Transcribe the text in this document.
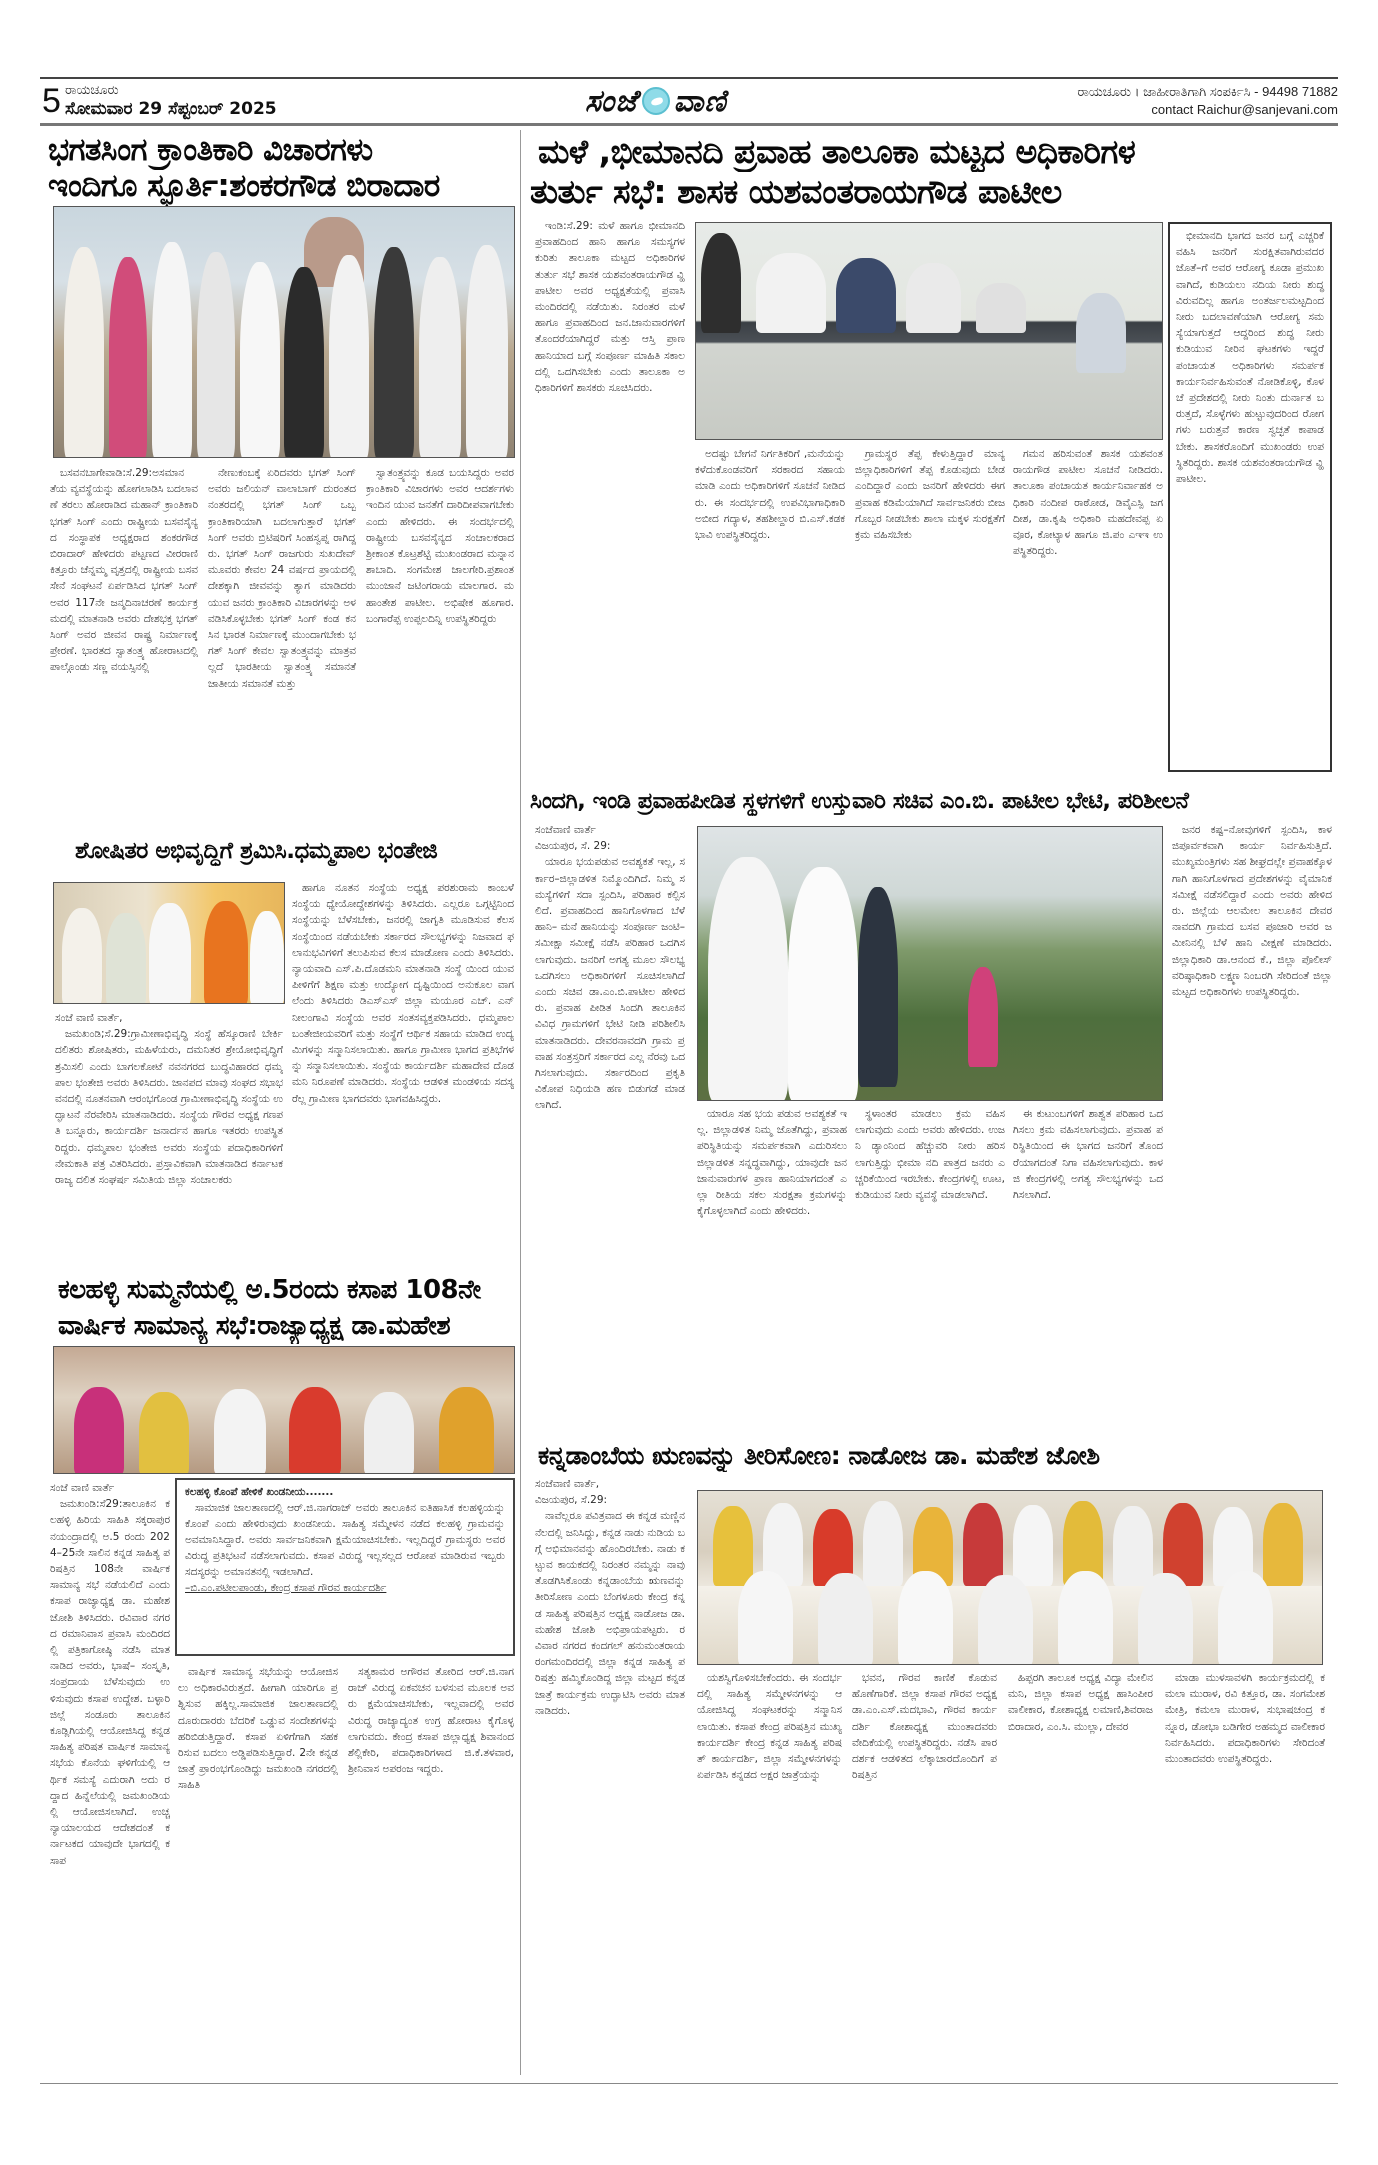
5 ರಾಯಚೂರು
ಸೋಮವಾರ 29 ಸೆಪ್ಟಂಬರ್ 2025	ಸಂಜೆ ವಾಣಿ	ರಾಯಚೂರು । ಜಾಹೀರಾತಿಗಾಗಿ ಸಂಪರ್ಕಿಸಿ - 94498 71882
contact Raichur@sanjevani.com
ಭಗತಸಿಂಗ ಕ್ರಾಂತಿಕಾರಿ ವಿಚಾರಗಳು
ಇಂದಿಗೂ ಸ್ಫೂರ್ತಿ:ಶಂಕರಗೌಡ ಬಿರಾದಾರ

ಬಸವನಬಾಗೇವಾಡಿ:ಸೆ.29:ಅಸಮಾನತೆಯ ವ್ಯವಸ್ಥೆಯನ್ನು ಹೋಗಲಾಡಿಸಿ ಬದಲಾವಣೆ ತರಲು ಹೋರಾಡಿದ ಮಹಾನ್ ಕ್ರಾಂತಿಕಾರಿ ಭಗತ್ ಸಿಂಗ್ ಎಂದು ರಾಷ್ಟ್ರೀಯ ಬಸವಸೈನ್ಯದ ಸಂಸ್ಥಾಪಕ ಅಧ್ಯಕ್ಷರಾದ ಶಂಕರಗೌಡ ಬಿರಾದಾರ್ ಹೇಳಿದರು ಪಟ್ಟಣದ ವೀರರಾಣಿ ಕಿತ್ತೂರು ಚೆನ್ನಮ್ಮ ವೃತ್ತದಲ್ಲಿ ರಾಷ್ಟ್ರೀಯ ಬಸವ ಸೇನೆ ಸಂಘಟನೆ ಏರ್ಪಡಿಸಿದ ಭಗತ್ ಸಿಂಗ್ ಅವರ 117ನೇ ಜನ್ಮದಿನಾಚರಣೆ ಕಾರ್ಯಕ್ರಮದಲ್ಲಿ ಮಾತನಾಡಿ ಅವರು ದೇಶಭಕ್ತ ಭಗತ್ ಸಿಂಗ್ ಅವರ ಜೀವನ ರಾಷ್ಟ್ರ ನಿರ್ಮಾಣಕ್ಕೆ ಪ್ರೇರಣೆ. ಭಾರತದ ಸ್ವಾತಂತ್ರ್ಯ ಹೋರಾಟದಲ್ಲಿ ಪಾಲ್ಗೊಂಡು ಸಣ್ಣ ವಯಸ್ಸಿನಲ್ಲಿ

ನೇಣುಕಂಬಕ್ಕೆ ಏರಿದವರು ಭಗತ್ ಸಿಂಗ್ ಅವರು ಜಲಿಯನ್ ವಾಲಾಬಾಗ್ ದುರಂತದ ನಂತರದಲ್ಲಿ ಭಗತ್ ಸಿಂಗ್ ಒಬ್ಬ ಕ್ರಾಂತಿಕಾರಿಯಾಗಿ ಬದಲಾಗುತ್ತಾರೆ ಭಗತ್ ಸಿಂಗ್ ಅವರು ಬ್ರಿಟಿಷರಿಗೆ ಸಿಂಹಸ್ವಪ್ನ ರಾಗಿದ್ದರು. ಭಗತ್ ಸಿಂಗ್ ರಾಜಗುರು ಸುಖದೇವ್ ಮೂವರು ಕೇವಲ 24 ವರ್ಷದ ಪ್ರಾಯದಲ್ಲಿ ದೇಶಕ್ಕಾಗಿ ಜೀವವನ್ನು ತ್ಯಾಗ ಮಾಡಿದರು ಯುವ ಜನರು ಕ್ರಾಂತಿಕಾರಿ ವಿಚಾರಗಳನ್ನು ಅಳವಡಿಸಿಕೊಳ್ಳಬೇಕು ಭಗತ್ ಸಿಂಗ್ ಕಂಡ ಕನಸಿನ ಭಾರತ ನಿರ್ಮಾಣಕ್ಕೆ ಮುಂದಾಗಬೇಕು ಭಗತ್ ಸಿಂಗ್ ಕೇವಲ ಸ್ವಾತಂತ್ರ್ಯವನ್ನು ಮಾತ್ರವಲ್ಲದೆ ಭಾರತೀಯ ಸ್ವಾತಂತ್ರ್ಯ ಸಮಾನತೆ ಜಾತೀಯ ಸಮಾನತೆ ಮತ್ತು

ಸ್ವಾತಂತ್ರ್ಯವನ್ನು ಕೂಡ ಬಯಸಿದ್ದರು ಅವರ ಕ್ರಾಂತಿಕಾರಿ ವಿಚಾರಗಳು ಅವರ ಆದರ್ಶಗಳು ಇಂದಿನ ಯುವ ಜನತೆಗೆ ದಾರಿದೀಪವಾಗಬೇಕು ಎಂದು ಹೇಳಿದರು. ಈ ಸಂದರ್ಭದಲ್ಲಿ ರಾಷ್ಟ್ರೀಯ ಬಸವಸೈನ್ಯದ ಸಂಚಾಲಕರಾದ ಶ್ರೀಕಾಂತ ಕೊಟ್ರಶೆಟ್ಟಿ ಮುಖಂಡರಾದ ಮನ್ನಾನ ಶಾಬಾದಿ. ಸಂಗಮೇಶ ಜಾಲಗೇರಿ.ಪ್ರಶಾಂತ ಮುಂಜಾನೆ ಜಟಿಂಗರಾಯ ಮಾಲಗಾರ. ಮಹಾಂತೇಶ ಪಾಟೀಲ. ಅಭಿಷೇಕ ಹೂಗಾರ. ಬಂಗಾರೆಪ್ಪ ಉಪ್ಪಲದಿನ್ನಿ ಉಪಸ್ಥಿತರಿದ್ದರು

ಶೋಷಿತರ ಅಭಿವೃದ್ಧಿಗೆ ಶ್ರಮಿಸಿ.ಧಮ್ಮಪಾಲ ಭಂತೇಜಿ

ಹಾಗೂ ನೂತನ ಸಂಸ್ಥೆಯ ಅಧ್ಯಕ್ಷ ಪರಶುರಾಮ ಕಾಂಬಳೆ ಸಂಸ್ಥೆಯ ಧ್ಯೇಯೋದ್ದೇಶಗಳನ್ನು ತಿಳಿಸಿದರು. ಎಲ್ಲರೂ ಒಗ್ಗಟ್ಟಿನಿಂದ ಸಂಸ್ಥೆಯನ್ನು ಬೆಳೆಸಬೇಕು, ಜನರಲ್ಲಿ ಜಾಗೃತಿ ಮೂಡಿಸುವ ಕೆಲಸ ಸಂಸ್ಥೆಯಿಂದ ನಡೆಯಬೇಕು ಸರ್ಕಾರದ ಸೌಲಭ್ಯಗಳನ್ನು ನಿಜವಾದ ಫಲಾನುಭವಿಗಳಿಗೆ ತಲುಪಿಸುವ ಕೆಲಸ ಮಾಡೋಣ ಎಂದು ತಿಳಿಸಿದರು. ನ್ಯಾಯವಾದಿ ಎಸ್.ಪಿ.ದೊಡಮನಿ ಮಾತನಾಡಿ ಸಂಸ್ಥೆ ಯಿಂದ ಯುವ ಪೀಳಿಗೆಗೆ ಶಿಕ್ಷಣ ಮತ್ತು ಉದ್ಯೋಗ ದೃಷ್ಟಿಯಿಂದ ಅನುಕೂಲ ವಾಗಲೆಂದು ತಿಳಿಸಿದರು ಡಿಎಸ್‌ಎಸ್ ಜಿಲ್ಲಾ ಮಯೂರ ಎಚ್. ಎನ್ ನೀಲಂಗಾವಿ ಸಂಸ್ಥೆಯ ಅವರ ಸಂತಸವ್ಯಕ್ತಪಡಿಸಿದರು. ಧಮ್ಮಪಾಲ ಬಂತೇಜೀಯವರಿಗೆ ಮತ್ತು ಸಂಸ್ಥೆಗೆ ಆರ್ಥಿಕ ಸಹಾಯ ಮಾಡಿದ ಉದ್ಯಮಿಗಳನ್ನು ಸನ್ಮಾನಿಸಲಾಯಿತು. ಹಾಗೂ ಗ್ರಾಮೀಣ ಭಾಗದ ಪ್ರತಿಭೆಗಳನ್ನು ಸನ್ಮಾನಿಸಲಾಯಿತು. ಸಂಸ್ಥೆಯ ಕಾರ್ಯದರ್ಶಿ ಮಹಾದೇವ ದೊಡಮನಿ ನಿರೂಪಣೆ ಮಾಡಿದರು. ಸಂಸ್ಥೆಯ ಆಡಳಿತ ಮಂಡಳಿಯ ಸದಸ್ಯರೆಲ್ಲ ಗ್ರಾಮೀಣ ಭಾಗದವರು ಭಾಗವಹಿಸಿದ್ದರು.

ಸಂಜೆ ವಾಣಿ ವಾರ್ತೆ,

ಜಮಖಂಡಿ;ಸೆ.29:ಗ್ರಾಮೀಣಾಭಿವೃದ್ಧಿ ಸಂಸ್ಥೆ ಹೆಸ್ಕೂರಾಣಿ ಬೇರ್ಕಿ ದಲಿತರು ಶೋಷಿತರು, ಮಹಿಳೆಯರು, ದಮನಿತರ ಶ್ರೇಯೋಭಿವೃದ್ಧಿಗೆ ಶ್ರಮಿಸಲಿ ಎಂದು ಬಾಗಲಕೋಟೆ ನವನಗರದ ಬುದ್ಧವಿಹಾರದ ಧಮ್ಮಪಾಲ ಭಂತೇಜಿ ಅವರು ತಿಳಿಸಿದರು. ಜಾನಪದ ಮಾವು ಸಂಘದ ಸಭಾಭವನದಲ್ಲಿ ನೂತನವಾಗಿ ಆರಂಭಗೊಂಡ ಗ್ರಾಮೀಣಾಭಿವೃದ್ಧಿ ಸಂಸ್ಥೆಯ ಉದ್ಘಾಟನೆ ನೆರವೇರಿಸಿ ಮಾತನಾಡಿದರು. ಸಂಸ್ಥೆಯ ಗೌರವ ಅಧ್ಯಕ್ಷ ಗಣಪತಿ ಬನ್ನೂರು, ಕಾರ್ಯದರ್ಶಿ ಜನಾರ್ದನ ಹಾಗೂ ಇತರರು ಉಪಸ್ಥಿತರಿದ್ದರು. ಧಮ್ಮಪಾಲ ಭಂತೇಜಿ ಅವರು ಸಂಸ್ಥೆಯ ಪದಾಧಿಕಾರಿಗಳಿಗೆ ನೇಮಕಾತಿ ಪತ್ರ ವಿತರಿಸಿದರು. ಪ್ರಸ್ತಾವಿಕವಾಗಿ ಮಾತನಾಡಿದ ಕರ್ನಾಟಕ ರಾಜ್ಯ ದಲಿತ ಸಂಘರ್ಷ ಸಮಿತಿಯ ಜಿಲ್ಲಾ ಸಂಚಾಲಕರು

ಕಲಹಳ್ಳಿ ಸುಮ್ಮನೆಯಲ್ಲಿ ಅ.5ರಂದು ಕಸಾಪ 108ನೇ
ವಾರ್ಷಿಕ ಸಾಮಾನ್ಯ ಸಭೆ:ರಾಜ್ಯಾಧ್ಯಕ್ಷ ಡಾ.ಮಹೇಶ

ಸಂಜೆ ವಾಣಿ ವಾರ್ತೆ

ಜಮಖಂಡಿ:ಸೆ29:ತಾಲೂಕಿನ ಕಲಹಳ್ಳಿ ಹಿರಿಯ ಸಾಹಿತಿ ಸಕ್ಕರಾಪುರ ನಯಂದ್ರಾದಲ್ಲಿ ಅ.5 ರಂದು 2024–25ನೇ ಸಾಲಿನ ಕನ್ನಡ ಸಾಹಿತ್ಯ ಪರಿಷತ್ತಿನ 108ನೇ ವಾರ್ಷಿಕ ಸಾಮಾನ್ಯ ಸಭೆ ನಡೆಯಲಿದೆ ಎಂದು ಕಸಾಪ ರಾಜ್ಯಾಧ್ಯಕ್ಷ ಡಾ. ಮಹೇಶ ಜೋಶಿ ತಿಳಿಸಿದರು. ರವಿವಾರ ನಗರದ ರಮಾನಿವಾಸ ಪ್ರವಾಸಿ ಮಂದಿರದಲ್ಲಿ ಪತ್ರಿಕಾಗೋಷ್ಠಿ ನಡೆಸಿ ಮಾತನಾಡಿದ ಅವರು, ಭಾಷೆ– ಸಂಸ್ಕೃತಿ, ಸಂಪ್ರದಾಯ ಬೆಳೆಸುವುದು ಉಳಿಸುವುದು ಕಸಾಪ ಉದ್ದೇಶ. ಬಳ್ಳಾರಿ ಜಿಲ್ಲೆ ಸಂಡೂರು ತಾಲೂಕಿನ ಕೂಡ್ಲಿಗಿಯಲ್ಲಿ ಆಯೋಜಿಸಿದ್ದ ಕನ್ನಡ ಸಾಹಿತ್ಯ ಪರಿಷತ ವಾರ್ಷಿಕ ಸಾಮಾನ್ಯ ಸಭೆಯ ಕೊನೆಯ ಘಳಿಗೆಯಲ್ಲಿ ಆರ್ಥಿಕ ಸಮಸ್ಯೆ ಎದುರಾಗಿ ಅದು ರದ್ದಾದ ಹಿನ್ನೆಲೆಯಲ್ಲಿ ಜಮಖಂಡಿಯಲ್ಲಿ ಆಯೋಜಿಸಲಾಗಿದೆ. ಉಚ್ಚ ನ್ಯಾಯಾಲಯದ ಆದೇಶದಂತೆ ಕರ್ನಾಟಕದ ಯಾವುದೇ ಭಾಗದಲ್ಲಿ ಕಸಾಪ

ಕಲಹಳ್ಳಿ ಕೊಂಪೆ ಹೇಳಿಕೆ ಖಂಡನೀಯ.......
ಸಾಮಾಜಿಕ ಜಾಲತಾಣದಲ್ಲಿ ಆರ್.ಜಿ.ನಾಗರಾಜ್ ಅವರು ತಾಲೂಕಿನ ಐತಿಹಾಸಿಕ ಕಲಹಳ್ಳಿಯನ್ನು ಕೊಂಪೆ ಎಂದು ಹೇಳಿರುವುದು ಖಂಡನೀಯ. ಸಾಹಿತ್ಯ ಸಮ್ಮೇಳನ ನಡೆದ ಕಲಹಳ್ಳಿ ಗ್ರಾಮವನ್ನು ಅವಮಾನಿಸಿದ್ದಾರೆ. ಅವರು ಸಾರ್ವಜನಿಕವಾಗಿ ಕ್ಷಮೆಯಾಚಿಸಬೇಕು. ಇಲ್ಲದಿದ್ದರೆ ಗ್ರಾಮಸ್ಥರು ಅವರ ವಿರುದ್ಧ ಪ್ರತಿಭಟನೆ ನಡೆಸಲಾಗುವದು. ಕಸಾಪ ವಿರುದ್ಧ ಇಲ್ಲಸಲ್ಲದ ಆರೋಪ ಮಾಡಿರುವ ಇಬ್ಬರು ಸದಸ್ಯರನ್ನು ಅಮಾನತನಲ್ಲಿ ಇಡಲಾಗಿದೆ.
–ಬಿ.ಎಂ.ಪಟೀಲಪಾಂಡು, ಕೇಂದ್ರ ಕಸಾಪ ಗೌರವ ಕಾರ್ಯದರ್ಶಿ

ವಾರ್ಷಿಕ ಸಾಮಾನ್ಯ ಸಭೆಯನ್ನು ಆಯೋಜಿಸಲು ಅಧಿಕಾರವಿರುತ್ತದೆ. ಹೀಗಾಗಿ ಯಾರಿಗೂ ಪ್ರಶ್ನಿಸುವ ಹಕ್ಕಿಲ್ಲ.ಸಾಮಾಜಿಕ ಜಾಲತಾಣದಲ್ಲಿ ದೂರುದಾರರು ಬೆದರಿಕೆ ಒಡ್ಡುವ ಸಂದೇಶಗಳನ್ನು ಹರಿಬಿಡುತ್ತಿದ್ದಾರೆ. ಕಸಾಪ ಏಳಿಗೆಗಾಗಿ ಸಹಕರಿಸುವ ಬದಲು ಅಡ್ಡಿಪಡಿಸುತ್ತಿದ್ದಾರೆ. 2ನೇ ಕನ್ನಡ ಜಾತ್ರೆ ಪ್ರಾರಂಭಗೊಂಡಿದ್ದು ಜಮಖಂಡಿ ನಗರದಲ್ಲಿ ಸಾಹಿತಿ

ಸತ್ಯಕಾಮರ ಅಗೌರವ ತೋರಿದ ಆರ್.ಜಿ.ನಾಗರಾಜ್ ವಿರುದ್ಧ ಏಕವಚನ ಬಳಸುವ ಮೂಲಕ ಅವರು ಕ್ಷಮೆಯಾಚಿಸಬೇಕು, ಇಲ್ಲವಾದಲ್ಲಿ ಅವರ ವಿರುದ್ಧ ರಾಜ್ಯಾದ್ಯಂತ ಉಗ್ರ ಹೋರಾಟ ಕೈಗೊಳ್ಳಲಾಗುವದು. ಕೇಂದ್ರ ಕಸಾಪ ಜಿಲ್ಲಾಧ್ಯಕ್ಷ ಶಿವಾನಂದ ಶೆಲ್ಲಿಕೇರಿ, ಪದಾಧಿಕಾರಿಗಳಾದ ಜಿ.ಕೆ.ತಳವಾರ, ಶ್ರೀನಿವಾಸ ಅಪರಂಜ ಇದ್ದರು.

ಮಳೆ ,ಭೀಮಾನದಿ ಪ್ರವಾಹ ತಾಲೂಕಾ ಮಟ್ಟದ ಅಧಿಕಾರಿಗಳ
ತುರ್ತು ಸಭೆ: ಶಾಸಕ ಯಶವಂತರಾಯಗೌಡ ಪಾಟೀಲ

ಇಂಡಿ:ಸೆ.29: ಮಳೆ ಹಾಗೂ ಭೀಮಾನದಿ ಪ್ರವಾಹದಿಂದ ಹಾನಿ ಹಾಗೂ ಸಮಸ್ಯಗಳ ಕುರಿತು ತಾಲೂಕಾ ಮಟ್ಟದ ಅಧಿಕಾರಿಗಳ ತುರ್ತು ಸಭೆ ಶಾಸಕ ಯಶವಂತರಾಯಗೌಡ ವ್ಹಿ ಪಾಟೀಲ ಅವರ ಅಧ್ಯಕ್ಷತೆಯಲ್ಲಿ ಪ್ರವಾಸಿ ಮಂದಿರದಲ್ಲಿ ನಡೆಯಿತು. ನಿರಂತರ ಮಳೆ ಹಾಗೂ ಪ್ರವಾಹದಿಂದ ಜನ.ಜಾನುವಾರಗಳಿಗೆ ತೊಂದರೆಯಾಗಿದ್ದರೆ ಮತ್ತು ಆಸ್ತಿ ಪ್ರಾಣ ಹಾನಿಯಾದ ಬಗ್ಗೆ ಸಂಪೂರ್ಣ ಮಾಹಿತಿ ಸಕಾಲದಲ್ಲಿ ಒದಗಿಸಬೇಕು ಎಂದು ತಾಲೂಕಾ ಅಧಿಕಾರಿಗಳಿಗೆ ಶಾಸಕರು ಸೂಚಿಸಿದರು.

ಅದಷ್ಟು ಬೇಗನೆ ನಿರ್ಗತಿಕರಿಗೆ ,ಮನೆಯನ್ನು ಕಳೆದುಕೊಂಡವರಿಗೆ ಸರಕಾರದ ಸಹಾಯ ಮಾಡಿ ಎಂದು ಅಧಿಕಾರಿಗಳಿಗೆ ಸೂಚನೆ ನೀಡಿದರು. ಈ ಸಂದರ್ಭದಲ್ಲಿ ಉಪವಿಭಾಗಾಧಿಕಾರಿ ಅಬೀದ ಗದ್ಯಾಳ, ತಹಶೀಲ್ದಾರ ಬಿ.ಎಸ್.ಕಡಕಭಾವಿ ಉಪಸ್ಥಿತರಿದ್ದರು.

ಗ್ರಾಮಸ್ಥರ ತೆಪ್ಪ ಕೇಳುತ್ತಿದ್ದಾರೆ ಮಾನ್ಯ ಜಿಲ್ಲಾಧಿಕಾರಿಗಳಿಗೆ ತೆಪ್ಪ ಕೊಡುವುದು ಬೇಡ ಎಂದಿದ್ದಾರೆ ಎಂದು ಜನರಿಗೆ ಹೇಳಿದರು ಈಗ ಪ್ರವಾಹ ಕಡಿಮೆಯಾಗಿದೆ ಸಾರ್ವಜನಿಕರು ಬೀಜ ಗೊಬ್ಬರ ನೀಡಬೇಕು ಶಾಲಾ ಮಕ್ಕಳ ಸುರಕ್ಷತೆಗೆ ಕ್ರಮ ವಹಿಸಬೇಕು

ಗಮನ ಹರಿಸುವಂತೆ ಶಾಸಕ ಯಶವಂತರಾಯಗೌಡ ಪಾಟೀಲ ಸೂಚನೆ ನೀಡಿದರು. ತಾಲೂಕಾ ಪಂಚಾಯತ ಕಾರ್ಯನಿರ್ವಾಹಕ ಅಧಿಕಾರಿ ನಂದೀಪ ರಾಠೋಡ, ಡಿವೈಎಸ್ಪಿ ಜಗದೀಶ, ಡಾ.ಕೃಷಿ ಅಧಿಕಾರಿ ಮಹದೇವಪ್ಪ ಏವೂರ, ಕೋಟ್ಯಾಳ ಹಾಗೂ ಜಿ.ಪಂ ಎಇಇ ಉಪಸ್ಥಿತರಿದ್ದರು.

ಭೀಮಾನದಿ ಭಾಗದ ಜನರ ಬಗ್ಗೆ ಎಚ್ಚರಿಕೆ ವಹಿಸಿ ಜನರಿಗೆ ಸುರಕ್ಷಿತವಾಗಿರುವದರ ಜೊತೆ–ಗೆ ಅವರ ಆರೋಗ್ಯ ಕೂಡಾ ಪ್ರಮುಖವಾಗಿದೆ, ಕುಡಿಯಲು ನದಿಯ ನೀರು ಶುದ್ಧವಿರುವದಿಲ್ಲ ಹಾಗೂ ಅಂತರ್ಜಲಮಟ್ಟದಿಂದ ನೀರು ಬದಲಾವಣೆಯಾಗಿ ಆರೋಗ್ಯ ಸಮಸ್ಯೆಯಾಗುತ್ತದೆ ಆದ್ದರಿಂದ ಶುದ್ಧ ನೀರು ಕುಡಿಯುವ ನೀರಿನ ಘಟಕಗಳು ಇದ್ದರೆ ಪಂಚಾಯತ ಅಧಿಕಾರಿಗಳು ಸಮರ್ಪಕ ಕಾರ್ಯನಿರ್ವಹಿಸುವಂತೆ ನೋಡಿಕೊಳ್ಳಿ, ಕೊಳಚೆ ಪ್ರದೇಶದಲ್ಲಿ ನೀರು ನಿಂತು ದುರ್ನಾತ ಬರುತ್ತದೆ, ಸೊಳ್ಳೆಗಳು ಹುಟ್ಟುವುದರಿಂದ ರೋಗಗಳು ಬರುತ್ತವೆ ಕಾರಣ ಸ್ವಚ್ಛತೆ ಕಾಪಾಡಬೇಕು. ಶಾಸಕರೊಂದಿಗೆ ಮುಖಂಡರು ಉಪಸ್ಥಿತರಿದ್ದರು. ಶಾಸಕ ಯಶವಂತರಾಯಗೌಡ ವ್ಹಿ ಪಾಟೀಲ.

ಸಿಂದಗಿ, ಇಂಡಿ ಪ್ರವಾಹಪೀಡಿತ ಸ್ಥಳಗಳಿಗೆ ಉಸ್ತುವಾರಿ ಸಚಿವ ಎಂ.ಬಿ. ಪಾಟೀಲ ಭೇಟಿ, ಪರಿಶೀಲನೆ

ಸಂಜೆವಾಣಿ ವಾರ್ತೆ

ವಿಜಯಪುರ, ಸೆ. 29:

ಯಾರೂ ಭಯಪಡುವ ಅವಶ್ಯಕತೆ ಇಲ್ಲ, ಸರ್ಕಾರ–ಜಿಲ್ಲಾಡಳಿತ ನಿಮ್ಮೊಂದಿಗಿದೆ. ನಿಮ್ಮ ಸಮಸ್ಯೆಗಳಿಗೆ ಸದಾ ಸ್ಪಂದಿಸಿ, ಪರಿಹಾರ ಕಲ್ಪಿಸಲಿದೆ. ಪ್ರವಾಹದಿಂದ ಹಾನಿಗೊಳಗಾದ ಬೆಳೆ ಹಾನಿ– ಮನೆ ಹಾನಿಯನ್ನು ಸಂಪೂರ್ಣ ಜಂಟಿ–ಸಮೀಕ್ಷಾ ಸಮೀಕ್ಷೆ ನಡೆಸಿ ಪರಿಹಾರ ಒದಗಿಸಲಾಗುವುದು. ಜನರಿಗೆ ಅಗತ್ಯ ಮೂಲ ಸೌಲಭ್ಯ ಒದಗಿಸಲು ಅಧಿಕಾರಿಗಳಿಗೆ ಸೂಚಿಸಲಾಗಿದೆ ಎಂದು ಸಚಿವ ಡಾ.ಎಂ.ಬಿ.ಪಾಟೀಲ ಹೇಳಿದರು. ಪ್ರವಾಹ ಪೀಡಿತ ಸಿಂದಗಿ ತಾಲೂಕಿನ ವಿವಿಧ ಗ್ರಾಮಗಳಿಗೆ ಭೇಟಿ ನೀಡಿ ಪರಿಶೀಲಿಸಿ ಮಾತನಾಡಿದರು. ದೇವರನಾವದಗಿ ಗ್ರಾಮ ಪ್ರವಾಹ ಸಂತ್ರಸ್ತರಿಗೆ ಸರ್ಕಾರದ ಎಲ್ಲ ನೆರವು ಒದಗಿಸಲಾಗುವುದು. ಸರ್ಕಾರದಿಂದ ಪ್ರಕೃತಿ ವಿಕೋಪ ನಿಧಿಯಡಿ ಹಣ ಬಿಡುಗಡೆ ಮಾಡಲಾಗಿದೆ.

ಯಾರೂ ಸಹ ಭಯ ಪಡುವ ಅವಶ್ಯಕತೆ ಇಲ್ಲ. ಜಿಲ್ಲಾಡಳಿತ ನಿಮ್ಮ ಜೊತೆಗಿದ್ದು, ಪ್ರವಾಹ ಪರಿಸ್ಥಿತಿಯನ್ನು ಸಮರ್ಪಕವಾಗಿ ಎದುರಿಸಲು ಜಿಲ್ಲಾಡಳಿತ ಸನ್ನದ್ಧವಾಗಿದ್ದು, ಯಾವುದೇ ಜನ ಜಾನುವಾರುಗಳ ಪ್ರಾಣ ಹಾನಿಯಾಗದಂತೆ ಎಲ್ಲಾ ರೀತಿಯ ಸಕಲ ಸುರಕ್ಷತಾ ಕ್ರಮಗಳನ್ನು ಕೈಗೊಳ್ಳಲಾಗಿದೆ ಎಂದು ಹೇಳಿದರು.

ಸ್ಥಳಾಂತರ ಮಾಡಲು ಕ್ರಮ ವಹಿಸಲಾಗುವುದು ಎಂದು ಅವರು ಹೇಳಿದರು. ಉಜನಿ ಡ್ಯಾಂನಿಂದ ಹೆಚ್ಚುವರಿ ನೀರು ಹರಿಸಲಾಗುತ್ತಿದ್ದು ಭೀಮಾ ನದಿ ಪಾತ್ರದ ಜನರು ಎಚ್ಚರಿಕೆಯಿಂದ ಇರಬೇಕು. ಕೇಂದ್ರಗಳಲ್ಲಿ ಊಟ, ಕುಡಿಯುವ ನೀರು ವ್ಯವಸ್ಥೆ ಮಾಡಲಾಗಿದೆ.

ಈ ಕುಟುಂಬಗಳಿಗೆ ಶಾಶ್ವತ ಪರಿಹಾರ ಒದಗಿಸಲು ಕ್ರಮ ವಹಿಸಲಾಗುವುದು. ಪ್ರವಾಹ ಪರಿಸ್ಥಿತಿಯಿಂದ ಈ ಭಾಗದ ಜನರಿಗೆ ತೊಂದರೆಯಾಗದಂತೆ ನಿಗಾ ವಹಿಸಲಾಗುವುದು. ಕಾಳಜಿ ಕೇಂದ್ರಗಳಲ್ಲಿ ಅಗತ್ಯ ಸೌಲಭ್ಯಗಳನ್ನು ಒದಗಿಸಲಾಗಿದೆ.

ಜನರ ಕಷ್ಟ–ನೋವುಗಳಿಗೆ ಸ್ಪಂದಿಸಿ, ಕಾಳಜಿಪೂರ್ವಕವಾಗಿ ಕಾರ್ಯ ನಿರ್ವಹಿಸುತ್ತಿದೆ. ಮುಖ್ಯಮಂತ್ರಿಗಳು ಸಹ ಶೀಘ್ರದಲ್ಲೇ ಪ್ರವಾಹಕ್ಕೊಳಗಾಗಿ ಹಾನಿಗೊಳಗಾದ ಪ್ರದೇಶಗಳನ್ನು ವೈಮಾನಿಕ ಸಮೀಕ್ಷೆ ನಡೆಸಲಿದ್ದಾರೆ ಎಂದು ಅವರು ಹೇಳಿದರು. ಜಿಲ್ಲೆಯ ಆಲಮೇಲ ತಾಲೂಕಿನ ದೇವರ ನಾವದಗಿ ಗ್ರಾಮದ ಬಸವ ಪೂಜಾರಿ ಅವರ ಜಮೀನಿನಲ್ಲಿ ಬೆಳೆ ಹಾನಿ ವೀಕ್ಷಣೆ ಮಾಡಿದರು. ಜಿಲ್ಲಾಧಿಕಾರಿ ಡಾ.ಆನಂದ ಕೆ., ಜಿಲ್ಲಾ ಪೊಲೀಸ್ ವರಿಷ್ಠಾಧಿಕಾರಿ ಲಕ್ಷ್ಮಣ ನಿಂಬರಗಿ ಸೇರಿದಂತೆ ಜಿಲ್ಲಾ ಮಟ್ಟದ ಅಧಿಕಾರಿಗಳು ಉಪಸ್ಥಿತರಿದ್ದರು.

ಕನ್ನಡಾಂಬೆಯ ಋಣವನ್ನು ತೀರಿಸೋಣ: ನಾಡೋಜ ಡಾ. ಮಹೇಶ ಜೋಶಿ

ಸಂಜೆವಾಣಿ ವಾರ್ತೆ,

ವಿಜಯಪುರ, ಸೆ.29:

ನಾವೆಲ್ಲರೂ ಪವಿತ್ರವಾದ ಈ ಕನ್ನಡ ಮಣ್ಣಿನ ನೆಲದಲ್ಲಿ ಜನಿಸಿದ್ದು, ಕನ್ನಡ ನಾಡು ನುಡಿಯ ಬಗ್ಗೆ ಅಭಿಮಾನವನ್ನು ಹೊಂದಿರಬೇಕು. ನಾಡು ಕಟ್ಟುವ ಕಾಯಕದಲ್ಲಿ ನಿರಂತರ ನಮ್ಮನ್ನು ನಾವು ತೊಡಗಿಸಿಕೊಂಡು ಕನ್ನಡಾಂಬೆಯ ಋಣವನ್ನು ತೀರಿಸೋಣ ಎಂದು ಬೆಂಗಳೂರು ಕೇಂದ್ರ ಕನ್ನಡ ಸಾಹಿತ್ಯ ಪರಿಷತ್ತಿನ ಅಧ್ಯಕ್ಷ ನಾಡೋಜ ಡಾ.ಮಹೇಶ ಜೋಶಿ ಅಭಿಪ್ರಾಯಪಟ್ಟರು. ರವಿವಾರ ನಗರದ ಕಂದಗಲ್ ಹನುಮಂತರಾಯ ರಂಗಮಂದಿರದಲ್ಲಿ ಜಿಲ್ಲಾ ಕನ್ನಡ ಸಾಹಿತ್ಯ ಪರಿಷತ್ತು ಹಮ್ಮಿಕೊಂಡಿದ್ದ ಜಿಲ್ಲಾ ಮಟ್ಟದ ಕನ್ನಡ ಜಾತ್ರೆ ಕಾರ್ಯಕ್ರಮ ಉದ್ಘಾಟಿಸಿ ಅವರು ಮಾತನಾಡಿದರು.

ಯಶಸ್ವಿಗೊಳಿಸಬೇಕೆಂದರು. ಈ ಸಂದರ್ಭದಲ್ಲಿ ಸಾಹಿತ್ಯ ಸಮ್ಮೇಳನಗಳನ್ನು ಆಯೋಜಿಸಿದ್ದ ಸಂಘಟಕರನ್ನು ಸನ್ಮಾನಿಸಲಾಯಿತು. ಕಸಾಪ ಕೇಂದ್ರ ಪರಿಷತ್ತಿನ ಮುಖ್ಯ ಕಾರ್ಯದರ್ಶಿ ಕೇಂದ್ರ ಕನ್ನಡ ಸಾಹಿತ್ಯ ಪರಿಷತ್ ಕಾರ್ಯದರ್ಶಿ, ಜಿಲ್ಲಾ ಸಮ್ಮೇಳನಗಳನ್ನು ಏರ್ಪಡಿಸಿ ಕನ್ನಡದ ಅಕ್ಷರ ಜಾತ್ರೆಯನ್ನು

ಭವನ, ಗೌರವ ಕಾಣಿಕೆ ಕೊಡುವ ಹೊಣೆಗಾರಿಕೆ. ಜಿಲ್ಲಾ ಕಸಾಪ ಗೌರವ ಅಧ್ಯಕ್ಷ ಡಾ.ಎಂ.ಎಸ್.ಮದಭಾವಿ, ಗೌರವ ಕಾರ್ಯದರ್ಶಿ ಕೋಶಾಧ್ಯಕ್ಷ ಮುಂತಾದವರು ವೇದಿಕೆಯಲ್ಲಿ ಉಪಸ್ಥಿತರಿದ್ದರು. ನಡೆಸಿ ಪಾರದರ್ಶಕ ಆಡಳಿತದ ಲೆಕ್ಕಾಚಾರದೊಂದಿಗೆ ಪರಿಷತ್ತಿನ

ಹಿಪ್ಪರಗಿ ತಾಲೂಕ ಅಧ್ಯಕ್ಷ ವಿದ್ಯಾ ಮೇಲಿನಮನಿ, ಜಿಲ್ಲಾ ಕಸಾಪ ಅಧ್ಯಕ್ಷ ಹಾಸಿಂಪೀರ ವಾಲೀಕಾರ, ಕೋಶಾಧ್ಯಕ್ಷ ಲಮಾಣಿ,ಶಿವರಾಜ ಬಿರಾದಾರ, ಎಂ.ಸಿ. ಮುಲ್ಲಾ, ದೇವರ

ಮಾಡಾ ಮುಳಸಾವಳಗಿ ಕಾರ್ಯಕ್ರಮದಲ್ಲಿ ಕಮಲಾ ಮುರಾಳ, ರವಿ ಕಿತ್ತೂರ, ಡಾ. ಸಂಗಮೇಶ ಮೇತ್ರಿ, ಕಮಲಾ ಮುರಾಳ, ಸುಭಾಷಚಂದ್ರ ಕನ್ನೂರ, ಡೋಭಾ ಬಡಿಗೇರ ಅಹಮ್ಮದ ವಾಲೀಕಾರ ನಿರ್ವಹಿಸಿದರು. ಪದಾಧಿಕಾರಿಗಳು ಸೇರಿದಂತೆ ಮುಂತಾದವರು ಉಪಸ್ಥಿತರಿದ್ದರು.
